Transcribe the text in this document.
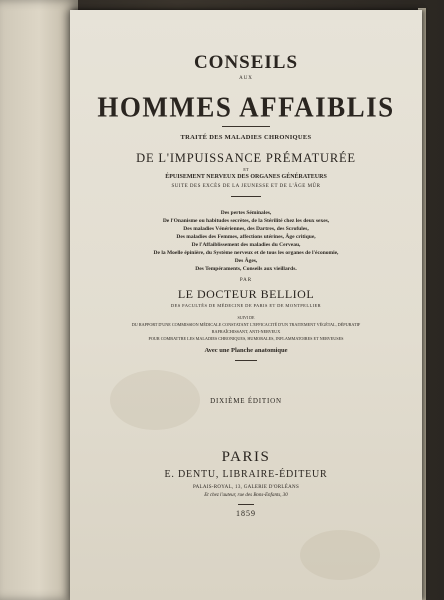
CONSEILS
AUX
HOMMES AFFAIBLIS
TRAITÉ DES MALADIES CHRONIQUES
DE L'IMPUISSANCE PRÉMATURÉE
ET
ÉPUISEMENT NERVEUX DES ORGANES GÉNÉRATEURS
SUITE DES EXCÈS DE LA JEUNESSE ET DE L'ÂGE MÛR
Des pertes Séminales,
De l'Onanisme ou habitudes secrètes, de la Stérilité chez les deux sexes,
Des maladies Vénériennes, des Dartres, des Scrofules,
Des maladies des Femmes, affections utérines, Âge critique,
De l'Affaiblissement des maladies du Cerveau,
De la Moelle épinière, du Système nerveux et de tous les organes de l'économie,
Des Âges,
Des Tempéraments, Conseils aux vieillards.
PAR
LE DOCTEUR BELLIOL
DES FACULTÉS DE MÉDECINE DE PARIS ET DE MONTPELLIER
SUIVI DE
DU RAPPORT D'UNE COMMISSION MÉDICALE CONSTATANT L'EFFICACITÉ D'UN TRAITEMENT VÉGÉTAL, DÉPURATIF
RAFRAÎCHISSANT, ANTI-NERVEUX
POUR COMBATTRE LES MALADIES CHRONIQUES, HUMORALES, INFLAMMATOIRES ET NERVEUSES
Avec une Planche anatomique
DIXIÈME ÉDITION
PARIS
E. DENTU, LIBRAIRE-ÉDITEUR
PALAIS-ROYAL, 13, GALERIE D'ORLÉANS
Et chez l'auteur, rue des Bons-Enfants, 30
1859
